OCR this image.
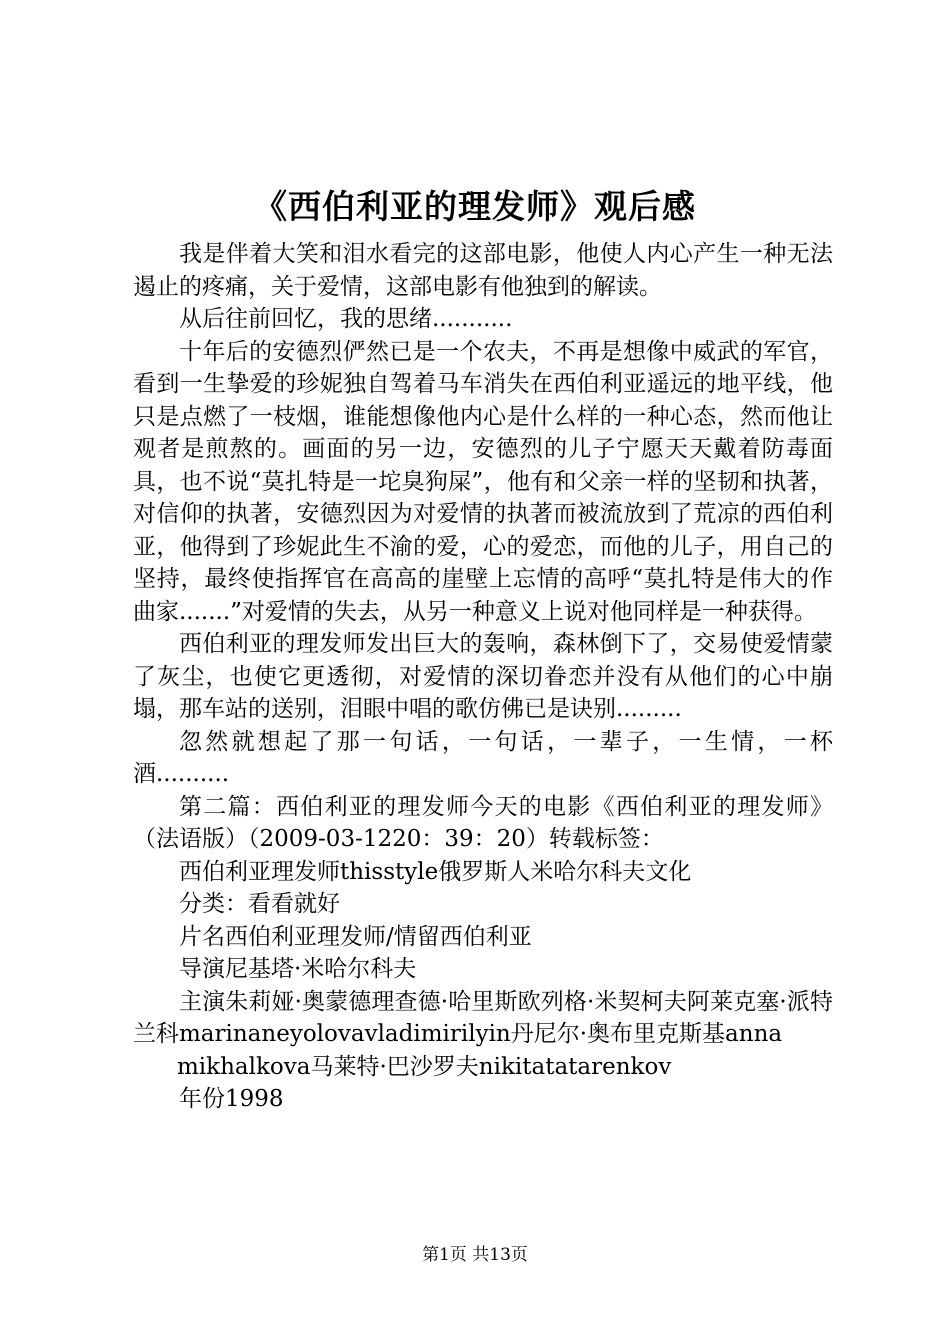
《西伯利亚的理发师》观后感

我是伴着大笑和泪水看完的这部电影，他使人内心产生一种无法遏止的疼痛，关于爱情，这部电影有他独到的解读。

从后往前回忆，我的思绪...........

十年后的安德烈俨然已是一个农夫，不再是想像中威武的军官，看到一生挚爱的珍妮独自驾着马车消失在西伯利亚遥远的地平线，他只是点燃了一枝烟，谁能想像他内心是什么样的一种心态，然而他让观者是煎熬的。画面的另一边，安德烈的儿子宁愿天天戴着防毒面具，也不说“莫扎特是一坨臭狗屎”，他有和父亲一样的坚韧和执著，对信仰的执著，安德烈因为对爱情的执著而被流放到了荒凉的西伯利亚，他得到了珍妮此生不渝的爱，心的爱恋，而他的儿子，用自己的坚持，最终使指挥官在高高的崖壁上忘情的高呼“莫扎特是伟大的作曲家.......”对爱情的失去，从另一种意义上说对他同样是一种获得。

西伯利亚的理发师发出巨大的轰响，森林倒下了，交易使爱情蒙了灰尘，也使它更透彻，对爱情的深切眷恋并没有从他们的心中崩塌，那车站的送别，泪眼中唱的歌仿佛已是诀别.........

忽然就想起了那一句话，一句话，一辈子，一生情，一杯酒..........

第二篇：西伯利亚的理发师今天的电影《西伯利亚的理发师》（法语版）（2009-03-1220：39：20）转载标签：

西伯利亚理发师thisstyle俄罗斯人米哈尔科夫文化

分类：看看就好

片名西伯利亚理发师/情留西伯利亚

导演尼基塔·米哈尔科夫

主演朱莉娅·奥蒙德理查德·哈里斯欧列格·米契柯夫阿莱克塞·派特兰科marinaneyolovavladimirilyin丹尼尔·奥布里克斯基anna

mikhalkova马莱特·巴沙罗夫nikitatatarenkov

年份1998

第1页 共13页
